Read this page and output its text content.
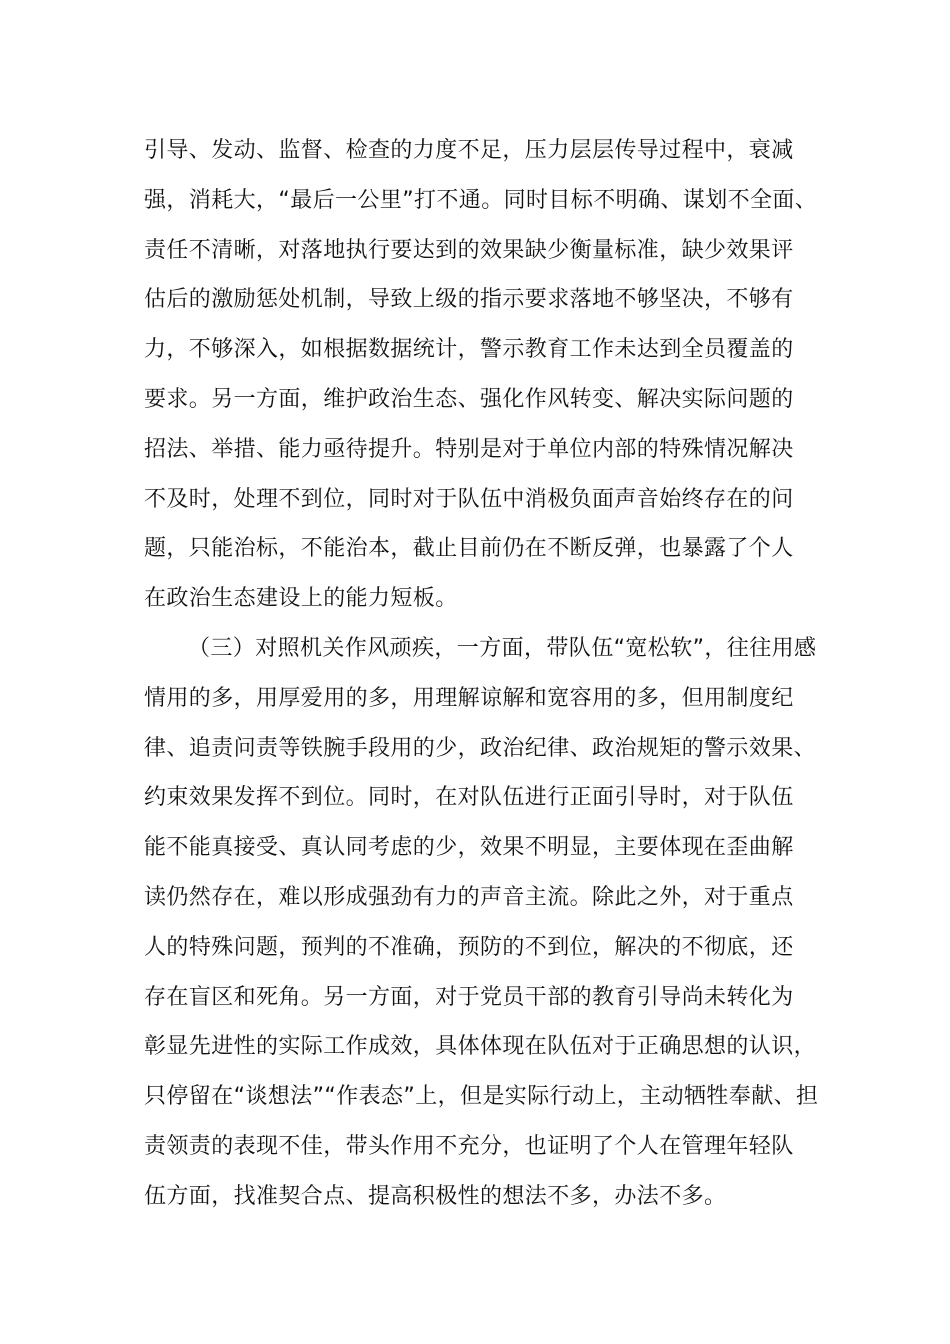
引导、发动、监督、检查的力度不足，压力层层传导过程中，衰减
强，消耗大，“最后一公里”打不通。同时目标不明确、谋划不全面、
责任不清晰，对落地执行要达到的效果缺少衡量标准，缺少效果评
估后的激励惩处机制，导致上级的指示要求落地不够坚决，不够有
力，不够深入，如根据数据统计，警示教育工作未达到全员覆盖的
要求。另一方面，维护政治生态、强化作风转变、解决实际问题的
招法、举措、能力亟待提升。特别是对于单位内部的特殊情况解决
不及时，处理不到位，同时对于队伍中消极负面声音始终存在的问
题，只能治标，不能治本，截止目前仍在不断反弹，也暴露了个人
在政治生态建设上的能力短板。
（三）对照机关作风顽疾，一方面，带队伍“宽松软”，往往用感
情用的多，用厚爱用的多，用理解谅解和宽容用的多，但用制度纪
律、追责问责等铁腕手段用的少，政治纪律、政治规矩的警示效果、
约束效果发挥不到位。同时，在对队伍进行正面引导时，对于队伍
能不能真接受、真认同考虑的少，效果不明显，主要体现在歪曲解
读仍然存在，难以形成强劲有力的声音主流。除此之外，对于重点
人的特殊问题，预判的不准确，预防的不到位，解决的不彻底，还
存在盲区和死角。另一方面，对于党员干部的教育引导尚未转化为
彰显先进性的实际工作成效，具体体现在队伍对于正确思想的认识，
只停留在“谈想法”“作表态”上，但是实际行动上，主动牺牲奉献、担
责领责的表现不佳，带头作用不充分，也证明了个人在管理年轻队
伍方面，找准契合点、提高积极性的想法不多，办法不多。
